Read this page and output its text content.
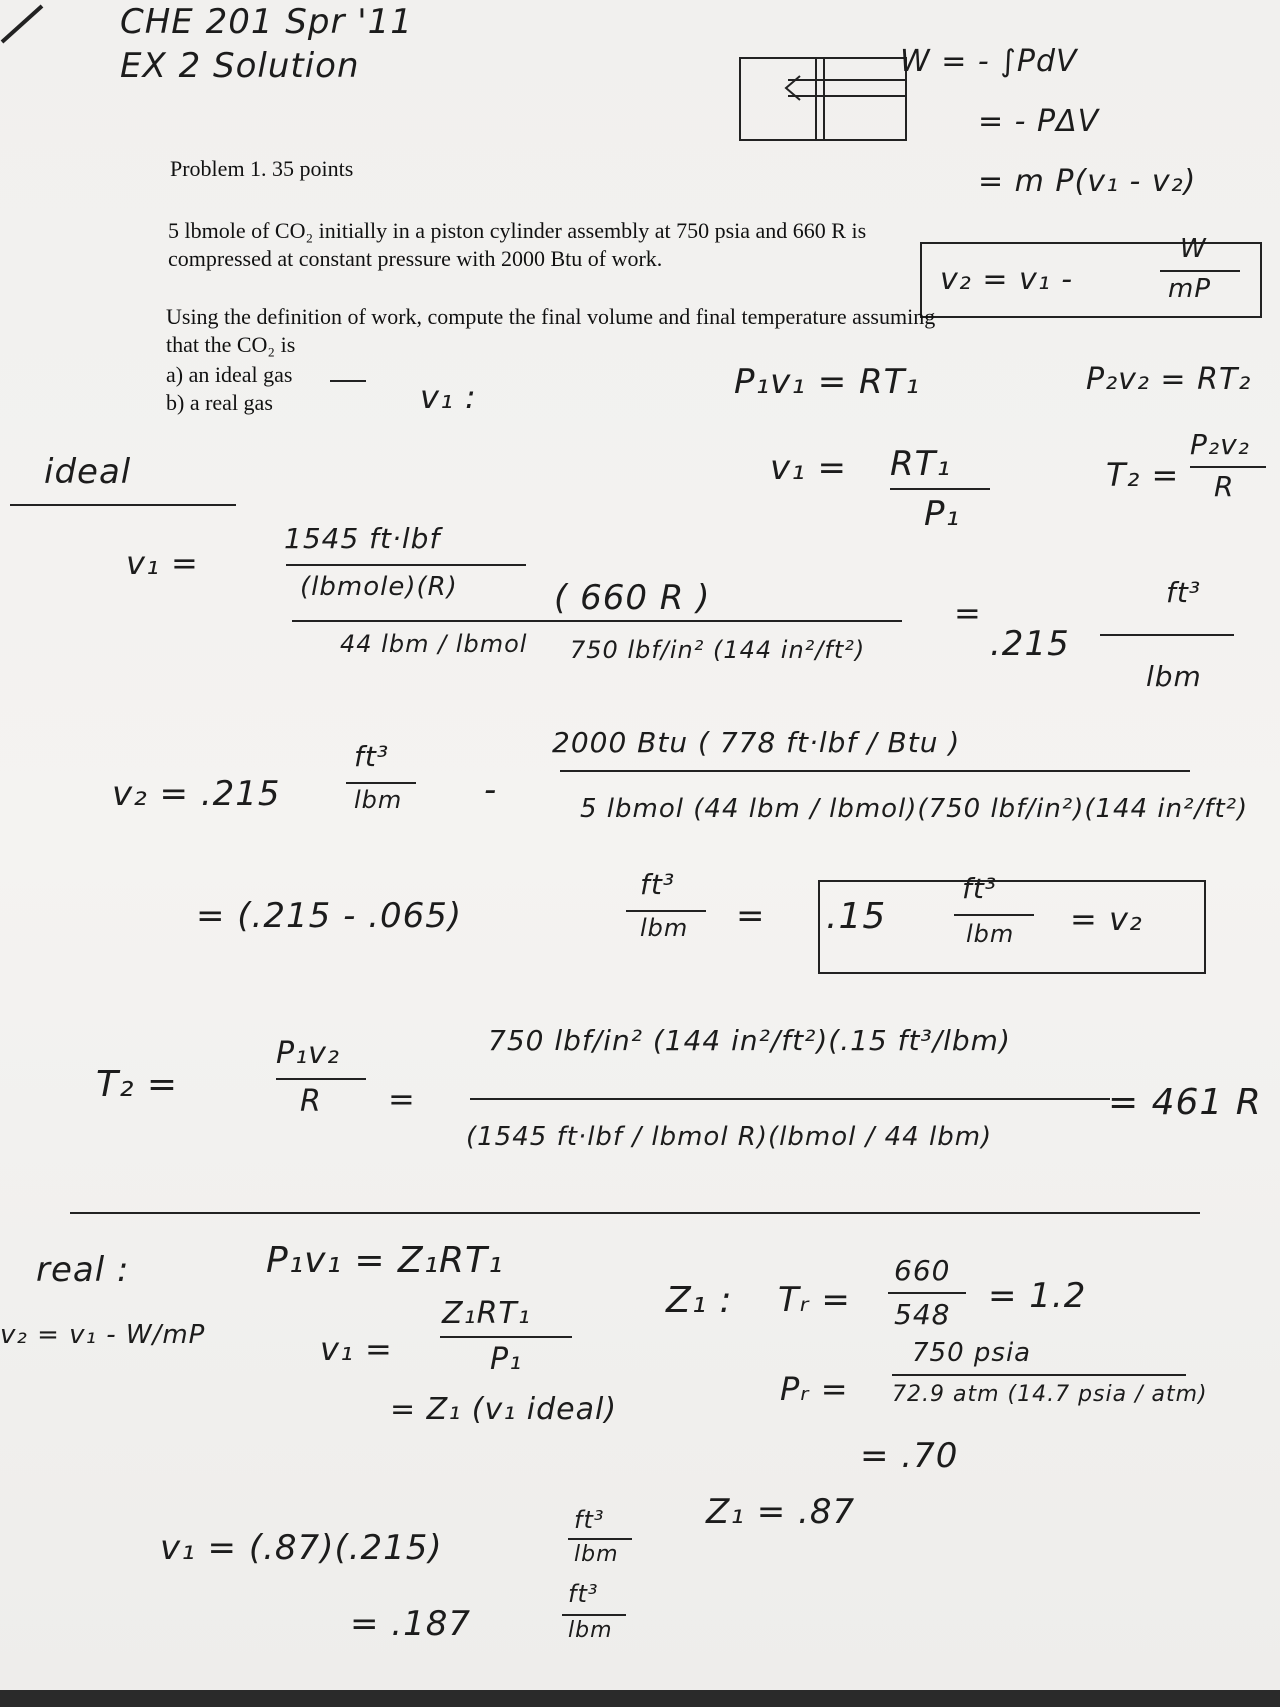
CHE 201 Spr '11
EX 2 Solution	W = - ∫PdV
= - PΔV
= m P(v₁ - v₂)
v₂ = v₁ -
W
mP
Problem 1. 35 points
5 lbmole of CO₂ initially in a piston cylinder assembly at 750 psia and 660 R is
compressed at constant pressure with 2000 Btu of work.
Using the definition of work, compute the final volume and final temperature assuming
that the CO₂ is
a) an ideal gas
b) a real gas	v₁ :	P₁v₁ = RT₁	P₂v₂ = RT₂
ideal	v₁ = RT₁
P₁
T₂ =
P₂v₂
R
v₁ =
1545 ft·lbf
(lbmole)(R)
44 lbm / lbmol
( 660 R )
750 lbf/in² (144 in²/ft²)
=
.215
ft³
lbm
v₂ = .215
ft³
lbm -
2000 Btu ( 778 ft·lbf / Btu )
5 lbmol (44 lbm / lbmol)(750 lbf/in²)(144 in²/ft²)
= (.215 - .065)
ft³
lbm = .15
ft³
lbm = v₂
T₂ =
P₁v₂
R =
750 lbf/in² (144 in²/ft²)(.15 ft³/lbm)
(1545 ft·lbf / lbmol R)(lbmol / 44 lbm)
= 461 R
real :
v₂ = v₁ - W/mP
P₁v₁ = Z₁RT₁
v₁ =
Z₁RT₁
P₁
= Z₁ (v₁ ideal)
Z₁ : Tᵣ =
660
548 = 1.2
Pᵣ =
750 psia
72.9 atm (14.7 psia / atm)
= .70
Z₁ = .87
v₁ = (.87)(.215)
ft³
lbm
= .187
ft³
lbm
